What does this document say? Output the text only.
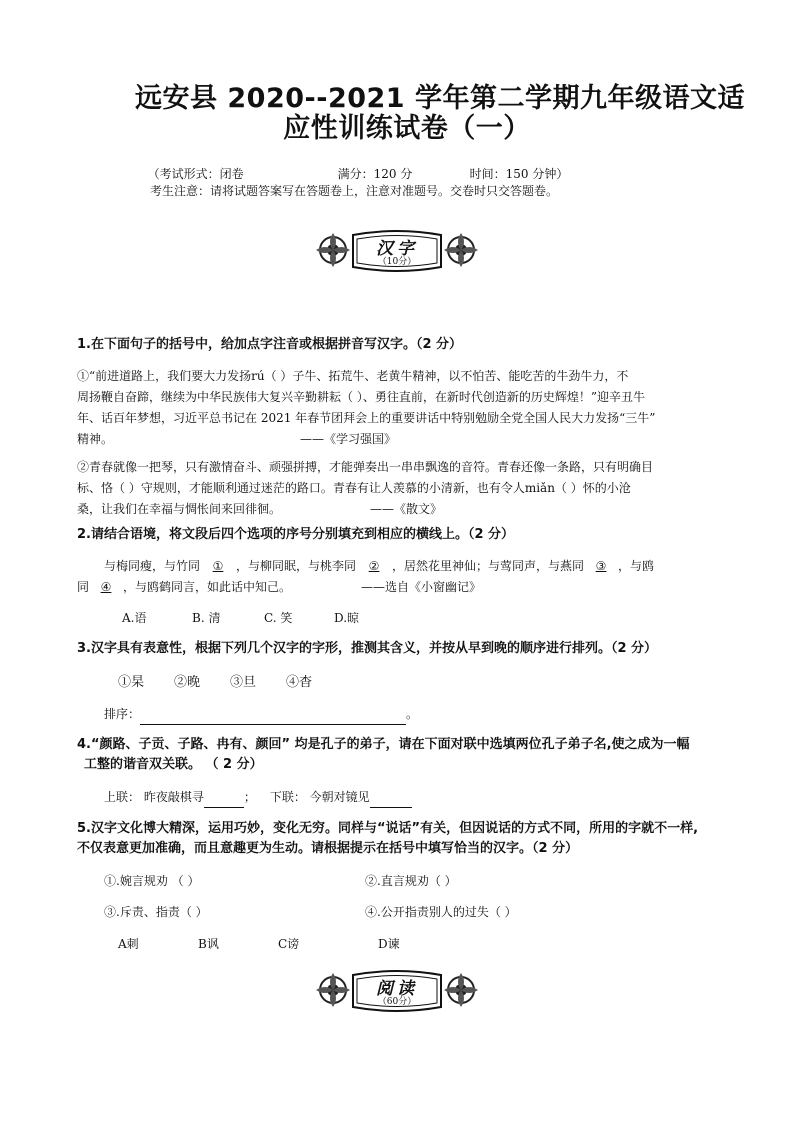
远安县 2020--2021 学年第二学期九年级语文适
应性训练试卷（一）

（考试形式：闭卷	满分：120 分	时间：150 分钟）

考生注意：请将试题答案写在答题卷上，注意对准题号。交卷时只交答题卷。
汉字
（10分）

1.在下面句子的括号中，给加点字注音或根据拼音写汉字。（2 分）

①“前进道路上，我们要大力发扬rú（ ）子牛、拓荒牛、老黄牛精神，以不怕苦、能吃苦的牛劲牛力，不

周扬鞭自奋蹄，继续为中华民族伟大复兴辛勤耕耘（ ）、勇往直前，在新时代创造新的历史辉煌！”迎辛丑牛

年、话百年梦想，习近平总书记在 2021 年春节团拜会上的重要讲话中特别勉励全党全国人民大力发扬“三牛”

精神。	——《学习强国》

②青春就像一把琴，只有激情奋斗、顽强拼搏，才能弹奏出一串串飘逸的音符。青春还像一条路，只有明确目

标、恪（ ）守规则，才能顺利通过迷茫的路口。青春有让人羡慕的小清新，也有令人miǎn（ ）怀的小沧

桑，让我们在幸福与惆怅间来回徘徊。	——《散文》

2.请结合语境，将文段后四个选项的序号分别填充到相应的横线上。（2 分）

与梅同瘦，与竹同 ① ，与柳同眠，与桃李同 ② ，居然花里神仙；与莺同声，与燕同 ③ ，与鸥

同 ④ ，与鸥鹤同言，如此话中知己。	——选自《小窗幽记》

A.语	B. 清	C. 笑	D.晾

3.汉字具有表意性，根据下列几个汉字的字形，推测其含义，并按从早到晚的顺序进行排列。（2 分）

①杲 ②晚 ③旦 ④杳
排序：	。

4.“颜路、子贡、子路、冉有、颜回” 均是孔子的弟子，请在下面对联中选填两位孔子弟子名,使之成为一幅

工整的谐音双关联。 （ 2 分）

上联： 昨夜敲棋寻	； 下联： 今朝对镜见

5.汉字文化博大精深，运用巧妙，变化无穷。同样与“说话”有关，但因说话的方式不同，所用的字就不一样,

不仅表意更加准确，而且意趣更为生动。请根据提示在括号中填写恰当的汉字。（2 分）

①.婉言规劝 （ ）	②.直言规劝（ ）

③.斥责、指责（ ）	④.公开指责别人的过失（ ）

A刺	B讽	C谤	D谏
阅读
（60分）
